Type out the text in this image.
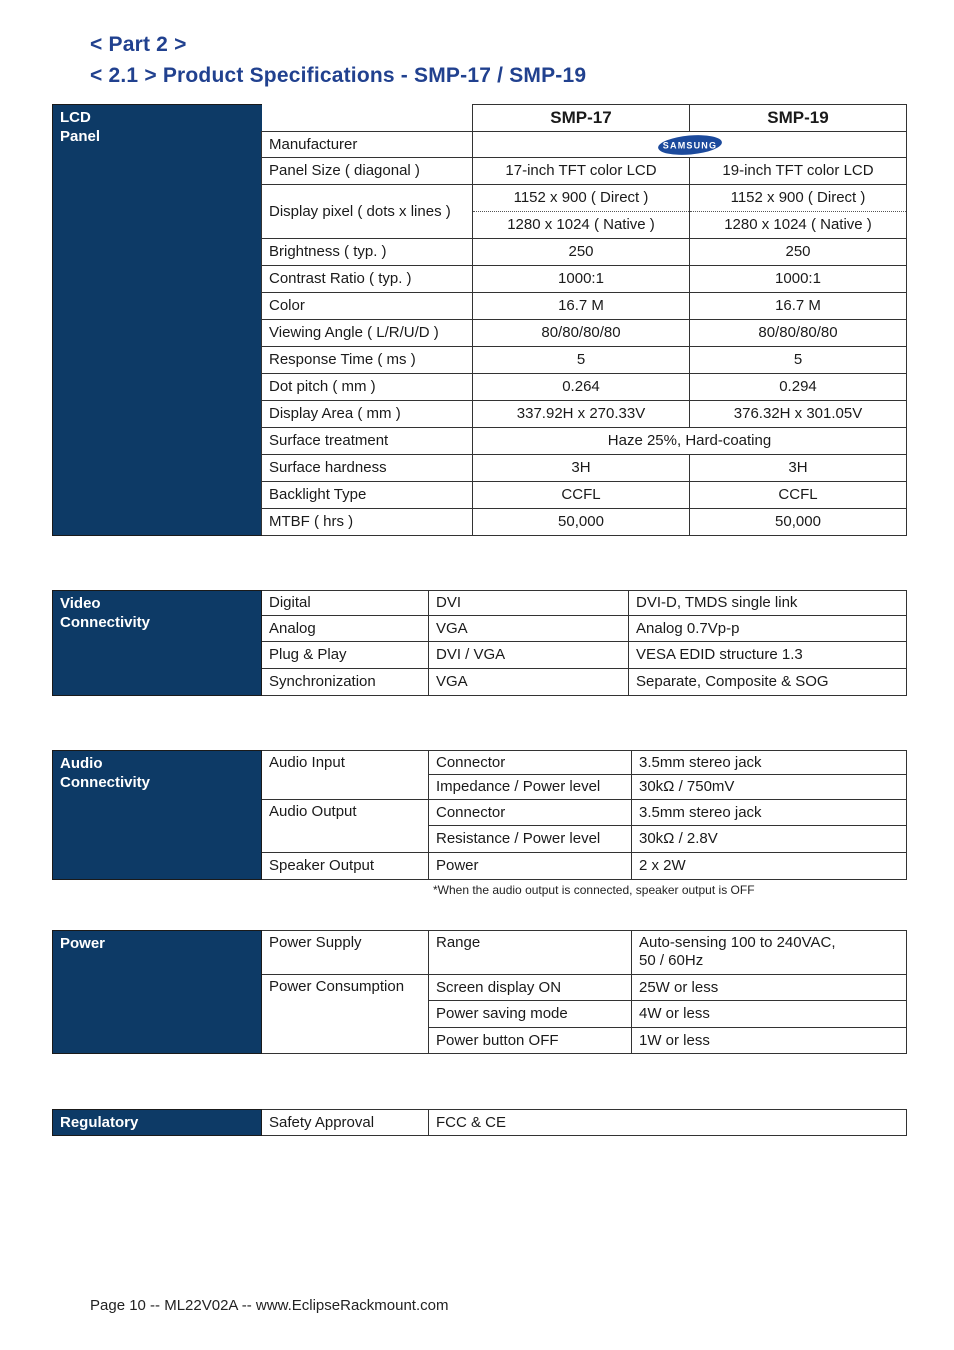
< Part 2 >
< 2.1 > Product Specifications - SMP-17 / SMP-19
LCD
Panel		SMP-17	SMP-19
	Manufacturer	SAMSUNG	

	Panel Size ( diagonal )	17-inch TFT color LCD	19-inch TFT color LCD
	Display pixel ( dots x lines )	1152 x 900 ( Direct )	1152 x 900 ( Direct )
		1280 x 1024 ( Native )	1280 x 1024 ( Native )
	Brightness ( typ. )	250	250
	Contrast Ratio ( typ. )	1000:1	1000:1
	Color	16.7 M	16.7 M
	Viewing Angle ( L/R/U/D )	80/80/80/80	80/80/80/80
	Response Time ( ms )	5	5
	Dot pitch ( mm )	0.264	0.294
	Display Area ( mm )	337.92H x 270.33V	376.32H x 301.05V
	Surface treatment	Haze 25%, Hard-coating	
	Surface hardness	3H	3H
	Backlight Type	CCFL	CCFL
	MTBF ( hrs )	50,000	50,000
Video
Connectivity	Digital	DVI	DVI-D, TMDS single link
	Analog	VGA	Analog 0.7Vp-p
	Plug & Play	DVI / VGA	VESA EDID structure 1.3
	Synchronization	VGA	Separate, Composite & SOG
Audio
Connectivity	Audio Input	Connector	3.5mm stereo jack
		Impedance / Power level	30kΩ / 750mV
	Audio Output	Connector	3.5mm stereo jack
		Resistance / Power level	30kΩ / 2.8V
	Speaker Output	Power	2 x 2W
*When the audio output is connected, speaker output is OFF
Power	Power Supply	Range	Auto-sensing 100 to 240VAC,
50 / 60Hz

	Power Consumption	Screen display ON	25W or less
		Power saving mode	4W or less
		Power button OFF	1W or less
Regulatory	Safety Approval	FCC & CE
Page 10 -- ML22V02A -- www.EclipseRackmount.com
